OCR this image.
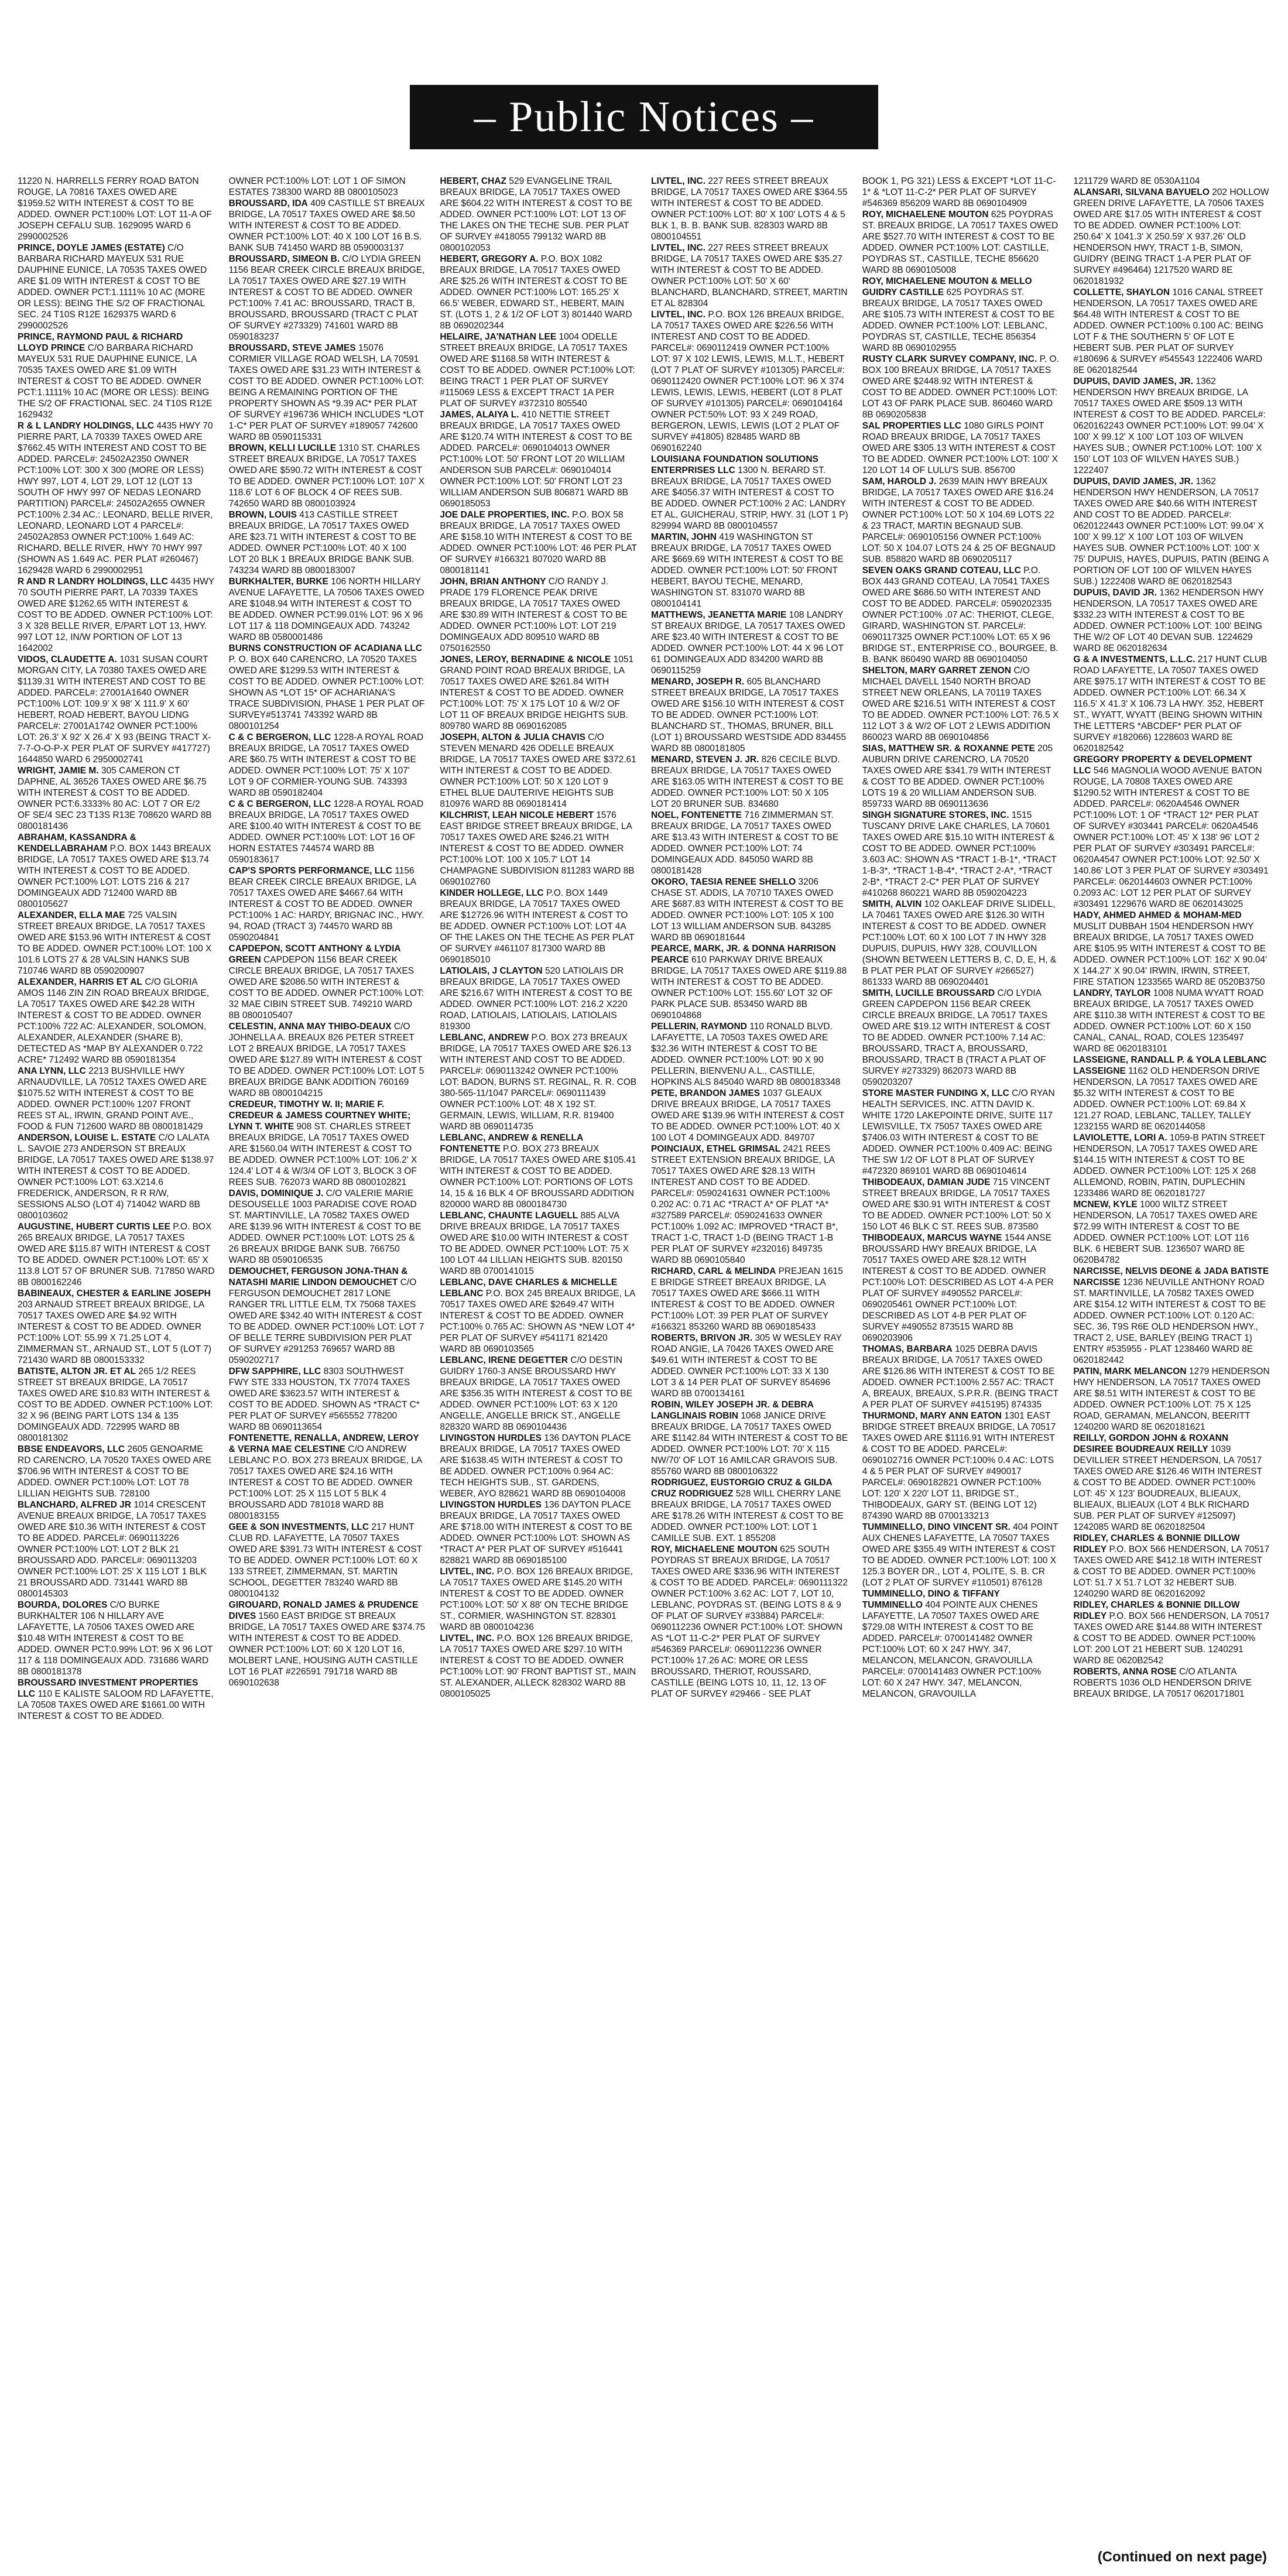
– Public Notices –

11220 N. HARRELLS FERRY ROAD BATON ROUGE, LA 70816 TAXES OWED ARE $1959.52 WITH INTEREST & COST TO BE ADDED. OWNER PCT:100% LOT: LOT 11-A OF JOSEPH CEFALU SUB. 1629095 WARD 6 2990002526

PRINCE, DOYLE JAMES (ESTATE) C/O BARBARA RICHARD MAYEUX 531 RUE DAUPHINE EUNICE, LA 70535 TAXES OWED ARE $1.09 WITH INTEREST & COST TO BE ADDED. OWNER PCT:1.1111% 10 AC (MORE OR LESS): BEING THE S/2 OF FRACTIONAL SEC. 24 T10S R12E 1629375 WARD 6 2990002526

PRINCE, RAYMOND PAUL & RICHARD LLOYD PRINCE C/O BARBARA RICHARD MAYEUX 531 RUE DAUPHINE EUNICE, LA 70535 TAXES OWED ARE $1.09 WITH INTEREST & COST TO BE ADDED. OWNER PCT:1.1111% 10 AC (MORE OR LESS): BEING THE S/2 OF FRACTIONAL SEC. 24 T10S R12E 1629432

R & L LANDRY HOLDINGS, LLC 4435 HWY 70 PIERRE PART, LA 70339 TAXES OWED ARE $7662.45 WITH INTEREST AND COST TO BE ADDED. PARCEL#: 24502A2350 OWNER PCT:100% LOT: 300 X 300 (MORE OR LESS) HWY 997, LOT 4, LOT 29, LOT 12 (LOT 13 SOUTH OF HWY 997 OF NEDAS LEONARD PARTITION) PARCEL#: 24502A2655 OWNER PCT:100% 2.34 AC.: LEONARD, BELLE RIVER, LEONARD, LEONARD LOT 4 PARCEL#: 24502A2853 OWNER PCT:100% 1.649 AC: RICHARD, BELLE RIVER, HWY 70 HWY 997 (SHOWN AS 1.649 AC. PER PLAT #260467) 1629428 WARD 6 2990002951

R AND R LANDRY HOLDINGS, LLC 4435 HWY 70 SOUTH PIERRE PART, LA 70339 TAXES OWED ARE $1262.65 WITH INTEREST & COST TO BE ADDED. OWNER PCT:100% LOT: 3 X 328 BELLE RIVER, E/PART LOT 13, HWY. 997 LOT 12, IN/W PORTION OF LOT 13 1642002

VIDOS, CLAUDETTE A. 1031 SUSAN COURT MORGAN CITY, LA 70380 TAXES OWED ARE $1139.31 WITH INTEREST AND COST TO BE ADDED. PARCEL#: 27001A1640 OWNER PCT:100% LOT: 109.9' X 98' X 111.9' X 60' HEBERT, ROAD HEBERT, BAYOU LIDNG PARCEL#: 27001A1742 OWNER PCT:100% LOT: 26.3' X 92' X 26.4' X 93 (BEING TRACT X-7-7-O-O-P-X PER PLAT OF SURVEY #417727) 1644850 WARD 6 2950002741

WRIGHT, JAMIE M. 305 CAMERON CT DAPHNE, AL 36526 TAXES OWED ARE $6.75 WITH INTEREST & COST TO BE ADDED. OWNER PCT:6.3333% 80 AC: LOT 7 OR E/2 OF SE/4 SEC 23 T13S R13E 708620 WARD 8B 0800181436

ABRAHAM, KASSANDRA & KENDELLABRAHAM P.O. BOX 1443 BREAUX BRIDGE, LA 70517 TAXES OWED ARE $13.74 WITH INTEREST & COST TO BE ADDED. OWNER PCT:100% LOT: LOTS 216 & 217 DOMINGEAUX ADD 712400 WARD 8B 0800105627

ALEXANDER, ELLA MAE 725 VALSIN STREET BREAUX BRIDGE, LA 70517 TAXES OWED ARE $153.96 WITH INTEREST & COST TO BE ADDED. OWNER PCT:100% LOT: 100 X 101.6 LOTS 27 & 28 VALSIN HANKS SUB 710746 WARD 8B 0590200907

ALEXANDER, HARRIS ET AL C/O GLORIA AMOS 1146 ZIN ZIN ROAD BREAUX BRIDGE, LA 70517 TAXES OWED ARE $42.28 WITH INTEREST & COST TO BE ADDED. OWNER PCT:100% 722 AC: ALEXANDER, SOLOMON, ALEXANDER, ALEXANDER (SHARE B), DETECTED AS *MAP BY ALEXANDER 0.722 ACRE* 712492 WARD 8B 0590181354

ANA LYNN, LLC 2213 BUSHVILLE HWY ARNAUDVILLE, LA 70512 TAXES OWED ARE $1075.52 WITH INTEREST & COST TO BE ADDED. OWNER PCT:100% 1207 FRONT REES ST AL, IRWIN, GRAND POINT AVE., FOOD & FUN 712600 WARD 8B 0800181429

ANDERSON, LOUISE L. ESTATE C/O LALATA L. SAVOIE 273 ANDERSON ST BREAUX BRIDGE, LA 70517 TAXES OWED ARE $138.97 WITH INTEREST & COST TO BE ADDED. OWNER PCT:100% LOT: 63.X214.6 FREDERICK, ANDERSON, R R R/W, SESSIONS ALSO (LOT 4) 714042 WARD 8B 0800103602

AUGUSTINE, HUBERT CURTIS LEE P.O. BOX 265 BREAUX BRIDGE, LA 70517 TAXES OWED ARE $115.87 WITH INTEREST & COST TO BE ADDED. OWNER PCT:100% LOT: 65' X 113.8 LOT 57 OF BRUNER SUB. 717850 WARD 8B 0800162246

BABINEAUX, CHESTER & EARLINE JOSEPH 203 ARNAUD STREET BREAUX BRIDGE, LA 70517 TAXES OWED ARE $4.92 WITH INTEREST & COST TO BE ADDED. OWNER PCT:100% LOT: 55.99 X 71.25 LOT 4, ZIMMERMAN ST., ARNAUD ST., LOT 5 (LOT 7) 721430 WARD 8B 0800153332

BATISTE, ALTON JR. ET AL 265 1/2 REES STREET ST BREAUX BRIDGE, LA 70517 TAXES OWED ARE $10.83 WITH INTEREST & COST TO BE ADDED. OWNER PCT:100% LOT: 32 X 96 (BEING PART LOTS 134 & 135 DOMINGEAUX ADD. 722995 WARD 8B 0800181302

BBSE ENDEAVORS, LLC 2605 GENOARME RD CARENCRO, LA 70520 TAXES OWED ARE $706.96 WITH INTEREST & COST TO BE ADDED. OWNER PCT:100% LOT: LOT 78 LILLIAN HEIGHTS SUB. 728100

BLANCHARD, ALFRED JR 1014 CRESCENT AVENUE BREAUX BRIDGE, LA 70517 TAXES OWED ARE $10.36 WITH INTEREST & COST TO BE ADDED. PARCEL#: 0690113226 OWNER PCT:100% LOT: LOT 2 BLK 21 BROUSSARD ADD. PARCEL#: 0690113203 OWNER PCT:100% LOT: 25' X 115 LOT 1 BLK 21 BROUSSARD ADD. 731441 WARD 8B 0800145303

BOURDA, DOLORES C/O BURKE BURKHALTER 106 N HILLARY AVE LAFAYETTE, LA 70506 TAXES OWED ARE $10.48 WITH INTEREST & COST TO BE ADDED. OWNER PCT:0.99% LOT: 96 X 96 LOT 117 & 118 DOMINGEAUX ADD. 731686 WARD 8B 0800181378

BROUSSARD INVESTMENT PROPERTIES LLC 110 E KALISTE SALOOM RD LAFAYETTE, LA 70508 TAXES OWED ARE $1661.00 WITH INTEREST & COST TO BE ADDED.

OWNER PCT:100% LOT: LOT 1 OF SIMON ESTATES 738300 WARD 8B 0800105023

BROUSSARD, IDA 409 CASTILLE ST BREAUX BRIDGE, LA 70517 TAXES OWED ARE $8.50 WITH INTEREST & COST TO BE ADDED. OWNER PCT:100% LOT: 40 X 100 LOT 16 B.S. BANK SUB 741450 WARD 8B 0590003137

BROUSSARD, SIMEON B. C/O LYDIA GREEN 1156 BEAR CREEK CIRCLE BREAUX BRIDGE, LA 70517 TAXES OWED ARE $27.19 WITH INTEREST & COST TO BE ADDED. OWNER PCT:100% 7.41 AC: BROUSSARD, TRACT B, BROUSSARD, BROUSSARD (TRACT C PLAT OF SURVEY #273329) 741601 WARD 8B 0590183237

BROUSSARD, STEVE JAMES 15076 CORMIER VILLAGE ROAD WELSH, LA 70591 TAXES OWED ARE $31.23 WITH INTEREST & COST TO BE ADDED. OWNER PCT:100% LOT: BEING A REMAINING PORTION OF THE PROPERTY SHOWN AS *9.39 AC* PER PLAT OF SURVEY #196736 WHICH INCLUDES *LOT 1-C* PER PLAT OF SURVEY #189057 742600 WARD 8B 0590115331

BROWN, KELLI LUCILLE 1310 ST. CHARLES STREET BREAUX BRIDGE, LA 70517 TAXES OWED ARE $590.72 WITH INTEREST & COST TO BE ADDED. OWNER PCT:100% LOT: 107' X 118.6' LOT 6 OF BLOCK 4 OF REES SUB. 742650 WARD 8B 0800103924

BROWN, LOUIS 413 CASTILLE STREET BREAUX BRIDGE, LA 70517 TAXES OWED ARE $23.71 WITH INTEREST & COST TO BE ADDED. OWNER PCT:100% LOT: 40 X 100 LOT 20 BLK 1 BREAUX BRIDGE BANK SUB. 743234 WARD 8B 0800183007

BURKHALTER, BURKE 106 NORTH HILLARY AVENUE LAFAYETTE, LA 70506 TAXES OWED ARE $1048.94 WITH INTEREST & COST TO BE ADDED. OWNER PCT:99.01% LOT: 96 X 96 LOT 117 & 118 DOMINGEAUX ADD. 743242 WARD 8B 0580001486

BURNS CONSTRUCTION OF ACADIANA LLC P. O. BOX 640 CARENCRO, LA 70520 TAXES OWED ARE $1299.53 WITH INTEREST & COST TO BE ADDED. OWNER PCT:100% LOT: SHOWN AS *LOT 15* OF ACHARIANA'S TRACE SUBDIVISION, PHASE 1 PER PLAT OF SURVEY#513741 743392 WARD 8B 0800101254

C & C BERGERON, LLC 1228-A ROYAL ROAD BREAUX BRIDGE, LA 70517 TAXES OWED ARE $60.75 WITH INTEREST & COST TO BE ADDED. OWNER PCT:100% LOT: 75' X 107' LOT 9 OF CORMIER-YOUNG SUB. 743393 WARD 8B 0590182404

C & C BERGERON, LLC 1228-A ROYAL ROAD BREAUX BRIDGE, LA 70517 TAXES OWED ARE $100.40 WITH INTEREST & COST TO BE ADDED. OWNER PCT:100% LOT: LOT 16 OF HORN ESTATES 744574 WARD 8B 0590183617

CAP'S SPORTS PERFORMANCE, LLC 1156 BEAR CREEK CIRCLE BREAUX BRIDGE, LA 70517 TAXES OWED ARE $4667.64 WITH INTEREST & COST TO BE ADDED. OWNER PCT:100% 1 AC: HARDY, BRIGNAC INC., HWY. 94, ROAD (TRACT 3) 744570 WARD 8B 0590204841

CAPDEPON, SCOTT ANTHONY & LYDIA GREEN CAPDEPON 1156 BEAR CREEK CIRCLE BREAUX BRIDGE, LA 70517 TAXES OWED ARE $2086.50 WITH INTEREST & COST TO BE ADDED. OWNER PCT:100% LOT: 32 MAE CIBIN STREET SUB. 749210 WARD 8B 0800105407

CELESTIN, ANNA MAY THIBO-DEAUX C/O JOHNELLA A. BREAUX 826 PETER STREET LOT 2 BREAUX BRIDGE, LA 70517 TAXES OWED ARE $127.89 WITH INTEREST & COST TO BE ADDED. OWNER PCT:100% LOT: LOT 5 BREAUX BRIDGE BANK ADDITION 760169 WARD 8B 0800104215

CREDEUR, TIMOTHY W. II; MARIE F. CREDEUR & JAMESS COURTNEY WHITE; LYNN T. WHITE 908 ST. CHARLES STREET BREAUX BRIDGE, LA 70517 TAXES OWED ARE $1560.04 WITH INTEREST & COST TO BE ADDED. OWNER PCT:100% LOT: 106.2' X 124.4' LOT 4 & W/3/4 OF LOT 3, BLOCK 3 OF REES SUB. 762073 WARD 8B 0800102821

DAVIS, DOMINIQUE J. C/O VALERIE MARIE DESOUSELLE 1003 PARADISE COVE ROAD ST. MARTINVILLE, LA 70582 TAXES OWED ARE $139.96 WITH INTEREST & COST TO BE ADDED. OWNER PCT:100% LOT: LOTS 25 & 26 BREAUX BRIDGE BANK SUB. 766750 WARD 8B 0590106535

DEMOUCHET, FERGUSON JONA-THAN & NATASHI MARIE LINDON DEMOUCHET C/O FERGUSON DEMOUCHET 2817 LONE RANGER TRL LITTLE ELM, TX 75068 TAXES OWED ARE $342.40 WITH INTEREST & COST TO BE ADDED. OWNER PCT:100% LOT: LOT 7 OF BELLE TERRE SUBDIVISION PER PLAT OF SURVEY #291253 769657 WARD 8B 0590202717

DFW SAPPHIRE, LLC 8303 SOUTHWEST FWY STE 333 HOUSTON, TX 77074 TAXES OWED ARE $3623.57 WITH INTEREST & COST TO BE ADDED. SHOWN AS *TRACT C* PER PLAT OF SURVEY #565552 778200 WARD 8B 0690113654

FONTENETTE, RENALLA, ANDREW, LEROY & VERNA MAE CELESTINE C/O ANDREW LEBLANC P.O. BOX 273 BREAUX BRIDGE, LA 70517 TAXES OWED ARE $24.16 WITH INTEREST & COST TO BE ADDED. OWNER PCT:100% LOT: 25 X 115 LOT 5 BLK 4 BROUSSARD ADD 781018 WARD 8B 0800183155

GEE & SON INVESTMENTS, LLC 217 HUNT CLUB RD. LAFAYETTE, LA 70507 TAXES OWED ARE $391.73 WITH INTEREST & COST TO BE ADDED. OWNER PCT:100% LOT: 60 X 133 STREET, ZIMMERMAN, ST. MARTIN SCHOOL, DEGETTER 783240 WARD 8B 0800104132

GIROUARD, RONALD JAMES & PRUDENCE DIVES 1560 EAST BRIDGE ST BREAUX BRIDGE, LA 70517 TAXES OWED ARE $374.75 WITH INTEREST & COST TO BE ADDED. OWNER PCT:100% LOT: 60 X 120 LOT 16, MOLBERT LANE, HOUSING AUTH CASTILLE LOT 16 PLAT #226591 791718 WARD 8B 0690102638

HEBERT, CHAZ 529 EVANGELINE TRAIL BREAUX BRIDGE, LA 70517 TAXES OWED ARE $604.22 WITH INTEREST & COST TO BE ADDED. OWNER PCT:100% LOT: LOT 13 OF THE LAKES ON THE TECHE SUB. PER PLAT OF SURVEY #418055 799132 WARD 8B 0800102053

HEBERT, GREGORY A. P.O. BOX 1082 BREAUX BRIDGE, LA 70517 TAXES OWED ARE $25.26 WITH INTEREST & COST TO BE ADDED. OWNER PCT:100% LOT: 165.25' X 66.5' WEBER, EDWARD ST., HEBERT, MAIN ST. (LOTS 1, 2 & 1/2 OF LOT 3) 801440 WARD 8B 0690202344

HELAIRE, JA'NATHAN LEE 1004 ODELLE STREET BREAUX BRIDGE, LA 70517 TAXES OWED ARE $1168.58 WITH INTEREST & COST TO BE ADDED. OWNER PCT:100% LOT: BEING TRACT 1 PER PLAT OF SURVEY #115069 LESS & EXCEPT TRACT 1A PER PLAT OF SURVEY #372310 805540

JAMES, ALAIYA L. 410 NETTIE STREET BREAUX BRIDGE, LA 70517 TAXES OWED ARE $120.74 WITH INTEREST & COST TO BE ADDED. PARCEL#: 0690104013 OWNER PCT:100% LOT: 50' FRONT LOT 20 WILLIAM ANDERSON SUB PARCEL#: 0690104014 OWNER PCT:100% LOT: 50' FRONT LOT 23 WILLIAM ANDERSON SUB 806871 WARD 8B 0690185053

JOE DALE PROPERTIES, INC. P.O. BOX 58 BREAUX BRIDGE, LA 70517 TAXES OWED ARE $158.10 WITH INTEREST & COST TO BE ADDED. OWNER PCT:100% LOT: 46 PER PLAT OF SURVEY #166321 807020 WARD 8B 0800181141

JOHN, BRIAN ANTHONY C/O RANDY J. PRADE 179 FLORENCE PEAK DRIVE BREAUX BRIDGE, LA 70517 TAXES OWED ARE $30.89 WITH INTEREST & COST TO BE ADDED. OWNER PCT:100% LOT: LOT 219 DOMINGEAUX ADD 809510 WARD 8B 0750162550

JONES, LEROY, BERNADINE & NICOLE 1051 GRAND POINT ROAD BREAUX BRIDGE, LA 70517 TAXES OWED ARE $261.84 WITH INTEREST & COST TO BE ADDED. OWNER PCT:100% LOT: 75' X 175 LOT 10 & W/2 OF LOT 11 OF BREAUX BRIDGE HEIGHTS SUB. 809780 WARD 8B 0690162085

JOSEPH, ALTON & JULIA CHAVIS C/O STEVEN MENARD 426 ODELLE BREAUX BRIDGE, LA 70517 TAXES OWED ARE $372.61 WITH INTEREST & COST TO BE ADDED. OWNER PCT:100% LOT: 50 X 120 LOT 9 ETHEL BLUE DAUTERIVE HEIGHTS SUB 810976 WARD 8B 0690181414

KILCHRIST, LEAH NICOLE HEBERT 1576 EAST BRIDGE STREET BREAUX BRIDGE, LA 70517 TAXES OWED ARE $246.21 WITH INTEREST & COST TO BE ADDED. OWNER PCT:100% LOT: 100 X 105.7' LOT 14 CHAMPAGNE SUBDIVISION 811283 WARD 8B 0690102760

KINDER HOLLEGE, LLC P.O. BOX 1449 BREAUX BRIDGE, LA 70517 TAXES OWED ARE $12726.96 WITH INTEREST & COST TO BE ADDED. OWNER PCT:100% LOT: LOT 4A OF THE LAKES ON THE TECHE AS PER PLAT OF SURVEY #461107 817300 WARD 8B 0690185010

LATIOLAIS, J CLAYTON 520 LATIOLAIS DR BREAUX BRIDGE, LA 70517 TAXES OWED ARE $216.67 WITH INTEREST & COST TO BE ADDED. OWNER PCT:100% LOT: 216.2 X220 ROAD, LATIOLAIS, LATIOLAIS, LATIOLAIS 819300

LEBLANC, ANDREW P.O. BOX 273 BREAUX BRIDGE, LA 70517 TAXES OWED ARE $26.13 WITH INTEREST AND COST TO BE ADDED. PARCEL#: 0690113242 OWNER PCT:100% LOT: BADON, BURNS ST. REGINAL, R. R. COB 380-565-11/1047 PARCEL#: 0690111439 OWNER PCT:100% LOT: 48 X 192 ST. GERMAIN, LEWIS, WILLIAM, R.R. 819400 WARD 8B 0690114735

LEBLANC, ANDREW & RENELLA FONTENETTE P.O. BOX 273 BREAUX BRIDGE, LA 70517 TAXES OWED ARE $105.41 WITH INTEREST & COST TO BE ADDED. OWNER PCT:100% LOT: PORTIONS OF LOTS 14, 15 & 16 BLK 4 OF BROUSSARD ADDITION 820000 WARD 8B 0800184730

LEBLANC, CHAUNTE LAGUELL 885 ALVA DRIVE BREAUX BRIDGE, LA 70517 TAXES OWED ARE $10.00 WITH INTEREST & COST TO BE ADDED. OWNER PCT:100% LOT: 75 X 100 LOT 44 LILLIAN HEIGHTS SUB. 820150 WARD 8B 0700141015

LEBLANC, DAVE CHARLES & MICHELLE LEBLANC P.O. BOX 245 BREAUX BRIDGE, LA 70517 TAXES OWED ARE $2649.47 WITH INTEREST & COST TO BE ADDED. OWNER PCT:100% 0.765 AC: SHOWN AS *NEW LOT 4* PER PLAT OF SURVEY #541171 821420 WARD 8B 0690103565

LEBLANC, IRENE DEGETTER C/O DESTIN GUIDRY 1760-3 ANSE BROUSSARD HWY BREAUX BRIDGE, LA 70517 TAXES OWED ARE $356.35 WITH INTEREST & COST TO BE ADDED. OWNER PCT:100% LOT: 63 X 120 ANGELLE, ANGELLE BRICK ST., ANGELLE 828320 WARD 8B 0690104436

LIVINGSTON HURDLES 136 DAYTON PLACE BREAUX BRIDGE, LA 70517 TAXES OWED ARE $1638.45 WITH INTEREST & COST TO BE ADDED. OWNER PCT:100% 0.964 AC: TECH HEIGHTS SUB., ST. GARDENS, WEBER, AYO 828621 WARD 8B 0690104008

LIVINGSTON HURDLES 136 DAYTON PLACE BREAUX BRIDGE, LA 70517 TAXES OWED ARE $718.00 WITH INTEREST & COST TO BE ADDED. OWNER PCT:100% LOT: SHOWN AS *TRACT A* PER PLAT OF SURVEY #516441 828821 WARD 8B 0690185100

LIVTEL, INC. P.O. BOX 126 BREAUX BRIDGE, LA 70517 TAXES OWED ARE $145.20 WITH INTEREST & COST TO BE ADDED. OWNER PCT:100% LOT: 50' X 88' ON TECHE BRIDGE ST., CORMIER, WASHINGTON ST. 828301 WARD 8B 0800104236

LIVTEL, INC. P.O. BOX 126 BREAUX BRIDGE, LA 70517 TAXES OWED ARE $297.10 WITH INTEREST & COST TO BE ADDED. OWNER PCT:100% LOT: 90' FRONT BAPTIST ST., MAIN ST. ALEXANDER, ALLECK 828302 WARD 8B 0800105025

LIVTEL, INC. 227 REES STREET BREAUX BRIDGE, LA 70517 TAXES OWED ARE $364.55 WITH INTEREST & COST TO BE ADDED. OWNER PCT:100% LOT: 80' X 100' LOTS 4 & 5 BLK 1, B. B. BANK SUB. 828303 WARD 8B 0800104551

LIVTEL, INC. 227 REES STREET BREAUX BRIDGE, LA 70517 TAXES OWED ARE $35.27 WITH INTEREST & COST TO BE ADDED. OWNER PCT:100% LOT: 50' X 60' BLANCHARD, BLANCHARD, STREET, MARTIN ET AL 828304

LIVTEL, INC. P.O. BOX 126 BREAUX BRIDGE, LA 70517 TAXES OWED ARE $226.56 WITH INTEREST AND COST TO BE ADDED. PARCEL#: 0690112419 OWNER PCT:100% LOT: 97 X 102 LEWIS, LEWIS, M.L.T., HEBERT (LOT 7 PLAT OF SURVEY #101305) PARCEL#: 0690112420 OWNER PCT:100% LOT: 96 X 374 LEWIS, LEWIS, LEWIS, HEBERT (LOT 8 PLAT OF SURVEY #101305) PARCEL#: 0690104164 OWNER PCT:50% LOT: 93 X 249 ROAD, BERGERON, LEWIS, LEWIS (LOT 2 PLAT OF SURVEY #41805) 828485 WARD 8B 0690162240

LOUISIANA FOUNDATION SOLUTIONS ENTERPRISES LLC 1300 N. BERARD ST. BREAUX BRIDGE, LA 70517 TAXES OWED ARE $4056.37 WITH INTEREST & COST TO BE ADDED. OWNER PCT:100% 2 AC: LANDRY ET AL, GUICHERAU, STRIP, HWY. 31 (LOT 1 P) 829994 WARD 8B 0800104557

MARTIN, JOHN 419 WASHINGTON ST BREAUX BRIDGE, LA 70517 TAXES OWED ARE $669.69 WITH INTEREST & COST TO BE ADDED. OWNER PCT:100% LOT: 50' FRONT HEBERT, BAYOU TECHE, MENARD, WASHINGTON ST. 831070 WARD 8B 0800104141

MATTHEWS, JEANETTA MARIE 108 LANDRY ST BREAUX BRIDGE, LA 70517 TAXES OWED ARE $23.40 WITH INTEREST & COST TO BE ADDED. OWNER PCT:100% LOT: 44 X 96 LOT 61 DOMINGEAUX ADD 834200 WARD 8B 0690115259

MENARD, JOSEPH R. 605 BLANCHARD STREET BREAUX BRIDGE, LA 70517 TAXES OWED ARE $156.10 WITH INTEREST & COST TO BE ADDED. OWNER PCT:100% LOT: BLANCHARD ST., THOMAS, BRUNER, BILL (LOT 1) BROUSSARD WESTSIDE ADD 834455 WARD 8B 0800181805

MENARD, STEVEN J. JR. 826 CECILE BLVD. BREAUX BRIDGE, LA 70517 TAXES OWED ARE $163.05 WITH INTEREST & COST TO BE ADDED. OWNER PCT:100% LOT: 50 X 105 LOT 20 BRUNER SUB. 834680

NOEL, FONTENETTE 716 ZIMMERMAN ST. BREAUX BRIDGE, LA 70517 TAXES OWED ARE $13.43 WITH INTEREST & COST TO BE ADDED. OWNER PCT:100% LOT: 74 DOMINGEAUX ADD. 845050 WARD 8B 0800181428

OKORO, TAESIA RENEE SHELLO 3206 CHASE ST. ADDIS, LA 70710 TAXES OWED ARE $687.83 WITH INTEREST & COST TO BE ADDED. OWNER PCT:100% LOT: 105 X 100 LOT 13 WILLIAM ANDERSON SUB. 843285 WARD 8B 0690181644

PEARCE, MARK, JR. & DONNA HARRISON PEARCE 610 PARKWAY DRIVE BREAUX BRIDGE, LA 70517 TAXES OWED ARE $119.88 WITH INTEREST & COST TO BE ADDED. OWNER PCT:100% LOT: 155.60' LOT 32 OF PARK PLACE SUB. 853450 WARD 8B 0690104868

PELLERIN, RAYMOND 110 RONALD BLVD. LAFAYETTE, LA 70503 TAXES OWED ARE $32.36 WITH INTEREST & COST TO BE ADDED. OWNER PCT:100% LOT: 90 X 90 PELLERIN, BIENVENU A.L., CASTILLE, HOPKINS ALS 845040 WARD 8B 0800183348

PETE, BRANDON JAMES 1037 GLEAUX DRIVE BREAUX BRIDGE, LA 70517 TAXES OWED ARE $139.96 WITH INTEREST & COST TO BE ADDED. OWNER PCT:100% LOT: 40 X 100 LOT 4 DOMINGEAUX ADD. 849707

POINCIAUX, ETHEL GRIMSAL 2421 REES STREET EXTENSION BREAUX BRIDGE, LA 70517 TAXES OWED ARE $28.13 WITH INTEREST AND COST TO BE ADDED. PARCEL#: 0590241631 OWNER PCT:100% 0.202 AC: 0.71 AC *TRACT A* OF PLAT *A* #327589 PARCEL#: 0590241633 OWNER PCT:100% 1.092 AC: IMPROVED *TRACT B*, TRACT 1-C, TRACT 1-D (BEING TRACT 1-B PER PLAT OF SURVEY #232016) 849735 WARD 8B 0690105840

RICHARD, CARL & MELINDA PREJEAN 1615 E BRIDGE STREET BREAUX BRIDGE, LA 70517 TAXES OWED ARE $666.11 WITH INTEREST & COST TO BE ADDED. OWNER PCT:100% LOT: 39 PER PLAT OF SURVEY #166321 853260 WARD 8B 0690185433

ROBERTS, BRIVON JR. 305 W WESLEY RAY ROAD ANGIE, LA 70426 TAXES OWED ARE $49.61 WITH INTEREST & COST TO BE ADDED. OWNER PCT:100% LOT: 33 X 130 LOT 3 & 14 PER PLAT OF SURVEY 854696 WARD 8B 0700134161

ROBIN, WILEY JOSEPH JR. & DEBRA LANGLINAIS ROBIN 1068 JANICE DRIVE BREAUX BRIDGE, LA 70517 TAXES OWED ARE $1142.84 WITH INTEREST & COST TO BE ADDED. OWNER PCT:100% LOT: 70' X 115 NW/70' OF LOT 16 AMILCAR GRAVOIS SUB. 855760 WARD 8B 0800106322

RODRIGUEZ, EUSTORGIO CRUZ & GILDA CRUZ RODRIGUEZ 528 WILL CHERRY LANE BREAUX BRIDGE, LA 70517 TAXES OWED ARE $178.26 WITH INTEREST & COST TO BE ADDED. OWNER PCT:100% LOT: LOT 1 CAMILLE SUB. EXT. 1 855208

ROY, MICHAELENE MOUTON 625 SOUTH POYDRAS ST BREAUX BRIDGE, LA 70517 TAXES OWED ARE $336.96 WITH INTEREST & COST TO BE ADDED. PARCEL#: 0690111322 OWNER PCT:100% 3.62 AC: LOT 7, LOT 10, LEBLANC, POYDRAS ST. (BEING LOTS 8 & 9 OF PLAT OF SURVEY #33884) PARCEL#: 0690112236 OWNER PCT:100% LOT: SHOWN AS *LOT 11-C-2* PER PLAT OF SURVEY #546369 PARCEL#: 0690112236 OWNER PCT:100% 17.26 AC: MORE OR LESS BROUSSARD, THERIOT, ROUSSARD, CASTILLE (BEING LOTS 10, 11, 12, 13 OF PLAT OF SURVEY #29466 - SEE PLAT

BOOK 1, PG 321) LESS & EXCEPT *LOT 11-C-1* & *LOT 11-C-2* PER PLAT OF SURVEY #546369 856209 WARD 8B 0690104909

ROY, MICHAELENE MOUTON 625 POYDRAS ST. BREAUX BRIDGE, LA 70517 TAXES OWED ARE $527.70 WITH INTEREST & COST TO BE ADDED. OWNER PCT:100% LOT: CASTILLE, POYDRAS ST., CASTILLE, TECHE 856620 WARD 8B 0690105008

ROY, MICHAELENE MOUTON & MELLO GUIDRY CASTILLE 625 POYDRAS ST. BREAUX BRIDGE, LA 70517 TAXES OWED ARE $105.73 WITH INTEREST & COST TO BE ADDED. OWNER PCT:100% LOT: LEBLANC, POYDRAS ST, CASTILLE, TECHE 856354 WARD 8B 0690102955

RUSTY CLARK SURVEY COMPANY, INC. P. O. BOX 100 BREAUX BRIDGE, LA 70517 TAXES OWED ARE $2448.92 WITH INTEREST & COST TO BE ADDED. OWNER PCT:100% LOT: LOT 43 OF PARK PLACE SUB. 860460 WARD 8B 0690205838

SAL PROPERTIES LLC 1080 GIRLS POINT ROAD BREAUX BRIDGE, LA 70517 TAXES OWED ARE $305.13 WITH INTEREST & COST TO BE ADDED. OWNER PCT:100% LOT: 100' X 120 LOT 14 OF LULU'S SUB. 856700

SAM, HAROLD J. 2639 MAIN HWY BREAUX BRIDGE, LA 70517 TAXES OWED ARE $16.24 WITH INTEREST & COST TO BE ADDED. OWNER PCT:100% LOT: 50 X 104.69 LOTS 22 & 23 TRACT, MARTIN BEGNAUD SUB. PARCEL#: 0690105156 OWNER PCT:100% LOT: 50 X 104.07 LOTS 24 & 25 OF BEGNAUD SUB. 858820 WARD 8B 0690205117

SEVEN OAKS GRAND COTEAU, LLC P.O. BOX 443 GRAND COTEAU, LA 70541 TAXES OWED ARE $686.50 WITH INTEREST AND COST TO BE ADDED. PARCEL#: 0590202335 OWNER PCT:100% .07 AC: THERIOT, CLEGE, GIRARD, WASHINGTON ST. PARCEL#: 0690117325 OWNER PCT:100% LOT: 65 X 96 BRIDGE ST., ENTERPRISE CO., BOURGEE, B. B. BANK 860490 WARD 8B 0690104050

SHELTON, MARY GARRET ZENON C/O MICHAEL DAVELL 1540 NORTH BROAD STREET NEW ORLEANS, LA 70119 TAXES OWED ARE $216.51 WITH INTEREST & COST TO BE ADDED. OWNER PCT:100% LOT: 76.5 X 112 LOT 3 & W/2 OF LOT 2 LEWIS ADDITION 860023 WARD 8B 0690104856

SIAS, MATTHEW SR. & ROXANNE PETE 205 AUBURN DRIVE CARENCRO, LA 70520 TAXES OWED ARE $341.79 WITH INTEREST & COST TO BE ADDED. OWNER PCT:100% LOTS 19 & 20 WILLIAM ANDERSON SUB. 859733 WARD 8B 0690113636

SINGH SIGNATURE STORES, INC. 1515 TUSCANY DRIVE LAKE CHARLES, LA 70601 TAXES OWED ARE $15.10 WITH INTEREST & COST TO BE ADDED. OWNER PCT:100% 3.603 AC: SHOWN AS *TRACT 1-B-1*, *TRACT 1-B-3*, *TRACT 1-B-4*, *TRACT 2-A*, *TRACT 2-B*, *TRACT 2-C* PER PLAT OF SURVEY #410268 860221 WARD 8B 0590204223

SMITH, ALVIN 102 OAKLEAF DRIVE SLIDELL, LA 70461 TAXES OWED ARE $126.30 WITH INTEREST & COST TO BE ADDED. OWNER PCT:100% LOT: 60 X 100 LOT 7 IN HWY 328 DUPUIS, DUPUIS, HWY 328, COUVILLON (SHOWN BETWEEN LETTERS B, C, D, E, H, & B PLAT PER PLAT OF SURVEY #266527) 861333 WARD 8B 0690204401

SMITH, LUCILLE BROUSSARD C/O LYDIA GREEN CAPDEPON 1156 BEAR CREEK CIRCLE BREAUX BRIDGE, LA 70517 TAXES OWED ARE $19.12 WITH INTEREST & COST TO BE ADDED. OWNER PCT:100% 7.14 AC: BROUSSARD, TRACT A, BROUSSARD, BROUSSARD, TRACT B (TRACT A PLAT OF SURVEY #273329) 862073 WARD 8B 0590203207

STORE MASTER FUNDING X, LLC C/O RYAN HEALTH SERVICES, INC. ATTN DAVID K. WHITE 1720 LAKEPOINTE DRIVE, SUITE 117 LEWISVILLE, TX 75057 TAXES OWED ARE $7406.03 WITH INTEREST & COST TO BE ADDED. OWNER PCT:100% 0.409 AC: BEING THE SW 1/2 OF LOT 8 PLAT OF SURVEY #472320 869101 WARD 8B 0690104614

THIBODEAUX, DAMIAN JUDE 715 VINCENT STREET BREAUX BRIDGE, LA 70517 TAXES OWED ARE $30.91 WITH INTEREST & COST TO BE ADDED. OWNER PCT:100% LOT: 50 X 150 LOT 46 BLK C ST. REES SUB. 873580

THIBODEAUX, MARCUS WAYNE 1544 ANSE BROUSSARD HWY BREAUX BRIDGE, LA 70517 TAXES OWED ARE $28.12 WITH INTEREST & COST TO BE ADDED. OWNER PCT:100% LOT: DESCRIBED AS LOT 4-A PER PLAT OF SURVEY #490552 PARCEL#: 0690205461 OWNER PCT:100% LOT: DESCRIBED AS LOT 4-B PER PLAT OF SURVEY #490552 873515 WARD 8B 0690203906

THOMAS, BARBARA 1025 DEBRA DAVIS BREAUX BRIDGE, LA 70517 TAXES OWED ARE $126.86 WITH INTEREST & COST TO BE ADDED. OWNER PCT:100% 2.557 AC: TRACT A, BREAUX, BREAUX, S.P.R.R. (BEING TRACT A PER PLAT OF SURVEY #415195) 874335

THURMOND, MARY ANN EATON 1301 EAST BRIDGE STREET BREAUX BRIDGE, LA 70517 TAXES OWED ARE $1116.91 WITH INTEREST & COST TO BE ADDED. PARCEL#: 0690102716 OWNER PCT:100% 0.4 AC: LOTS 4 & 5 PER PLAT OF SURVEY #490017 PARCEL#: 0690182821 OWNER PCT:100% LOT: 120' X 220' LOT 11, BRIDGE ST., THIBODEAUX, GARY ST. (BEING LOT 12) 874390 WARD 8B 0700133213

TUMMINELLO, DINO VINCENT SR. 404 POINT AUX CHENES LAFAYETTE, LA 70507 TAXES OWED ARE $355.49 WITH INTEREST & COST TO BE ADDED. OWNER PCT:100% LOT: 100 X 125.3 BOYER DR., LOT 4, POLITE, S. B. CR (LOT 2 PLAT OF SURVEY #110501) 876128

TUMMINELLO, DINO & TIFFANY TUMMINELLO 404 POINTE AUX CHENES LAFAYETTE, LA 70507 TAXES OWED ARE $729.08 WITH INTEREST & COST TO BE ADDED. PARCEL#: 0700141482 OWNER PCT:100% LOT: 60 X 247 HWY. 347, MELANCON, MELANCON, GRAVOUILLA PARCEL#: 0700141483 OWNER PCT:100% LOT: 60 X 247 HWY. 347, MELANCON, MELANCON, GRAVOUILLA

1211729 WARD 8E 0530A1104

ALANSARI, SILVANA BAYUELO 202 HOLLOW GREEN DRIVE LAFAYETTE, LA 70506 TAXES OWED ARE $17.05 WITH INTEREST & COST TO BE ADDED. OWNER PCT:100% LOT: 250.64' X 1041.3' X 250.59' X 937.26' OLD HENDERSON HWY, TRACT 1-B, SIMON, GUIDRY (BEING TRACT 1-A PER PLAT OF SURVEY #496464) 1217520 WARD 8E 0620181932

COLLETTE, SHAYLON 1016 CANAL STREET HENDERSON, LA 70517 TAXES OWED ARE $64.48 WITH INTEREST & COST TO BE ADDED. OWNER PCT:100% 0.100 AC: BEING LOT F & THE SOUTHERN 5' OF LOT E HEBERT SUB. PER PLAT OF SURVEY #180696 & SURVEY #545543 1222406 WARD 8E 0620182544

DUPUIS, DAVID JAMES, JR. 1362 HENDERSON HWY BREAUX BRIDGE, LA 70517 TAXES OWED ARE $509.13 WITH INTEREST & COST TO BE ADDED. PARCEL#: 0620162243 OWNER PCT:100% LOT: 99.04' X 100' X 99.12' X 100' LOT 103 OF WILVEN HAYES SUB.; OWNER PCT:100% LOT: 100' X 150' LOT 103 OF WILVEN HAYES SUB.) 1222407

DUPUIS, DAVID JAMES, JR. 1362 HENDERSON HWY HENDERSON, LA 70517 TAXES OWED ARE $40.66 WITH INTEREST AND COST TO BE ADDED. PARCEL#: 0620122443 OWNER PCT:100% LOT: 99.04' X 100' X 99.12' X 100' LOT 103 OF WILVEN HAYES SUB. OWNER PCT:100% LOT: 100' X 75' DUPUIS, HAYES, DUPUIS, PATIN (BEING A PORTION OF LOT 100 OF WILVEN HAYES SUB.) 1222408 WARD 8E 0620182543

DUPUIS, DAVID JR. 1362 HENDERSON HWY HENDERSON, LA 70517 TAXES OWED ARE $332.23 WITH INTEREST & COST TO BE ADDED. OWNER PCT:100% LOT: 100' BEING THE W/2 OF LOT 40 DEVAN SUB. 1224629 WARD 8E 0620182634

G & A INVESTMENTS, L.L.C. 217 HUNT CLUB ROAD LAFAYETTE, LA 70507 TAXES OWED ARE $975.17 WITH INTEREST & COST TO BE ADDED. OWNER PCT:100% LOT: 66.34 X 116.5' X 41.3' X 106.73 LA HWY. 352, HEBERT ST., WYATT, WYATT (BEING SHOWN WITHIN THE LETTERS *ABCDEF* PER PLAT OF SURVEY #182066) 1228603 WARD 8E 0620182542

GREGORY PROPERTY & DEVELOPMENT LLC 546 MAGNOLIA WOOD AVENUE BATON ROUGE, LA 70808 TAXES OWED ARE $1290.52 WITH INTEREST & COST TO BE ADDED. PARCEL#: 0620A4546 OWNER PCT:100% LOT: 1 OF *TRACT 12* PER PLAT OF SURVEY #303441 PARCEL#: 0620A4546 OWNER PCT:100% LOT: 45' X 138' 96' LOT 2 PER PLAT OF SURVEY #303491 PARCEL#: 0620A4547 OWNER PCT:100% LOT: 92.50' X 140.86' LOT 3 PER PLAT OF SURVEY #303491 PARCEL#: 0620144603 OWNER PCT:100% 0.2093 AC: LOT 12 PER PLAT OF SURVEY #303491 1229676 WARD 8E 0620143025

HADY, AHMED AHMED & MOHAM-MED MUSLIT DUBBAH 1504 HENDERSON HWY BREAUX BRIDGE, LA 70517 TAXES OWED ARE $105.95 WITH INTEREST & COST TO BE ADDED. OWNER PCT:100% LOT: 162' X 90.04' X 144.27' X 90.04' IRWIN, IRWIN, STREET, FIRE STATION 1233565 WARD 8E 0520B3750

LANDRY, TAYLOR 1008 NUMA WYATT ROAD BREAUX BRIDGE, LA 70517 TAXES OWED ARE $110.38 WITH INTEREST & COST TO BE ADDED. OWNER PCT:100% LOT: 60 X 150 CANAL, CANAL, ROAD, COLES 1235497 WARD 8E 0620183101

LASSEIGNE, RANDALL P. & YOLA LEBLANC LASSEIGNE 1162 OLD HENDERSON DRIVE HENDERSON, LA 70517 TAXES OWED ARE $5.32 WITH INTEREST & COST TO BE ADDED. OWNER PCT:100% LOT: 69.84 X 121.27 ROAD, LEBLANC, TALLEY, TALLEY 1232155 WARD 8E 0620144058

LAVIOLETTE, LORI A. 1059-B PATIN STREET HENDERSON, LA 70517 TAXES OWED ARE $144.15 WITH INTEREST & COST TO BE ADDED. OWNER PCT:100% LOT: 125 X 268 ALLEMOND, ROBIN, PATIN, DUPLECHIN 1233486 WARD 8E 0620181727

MCNEW, KYLE 1000 WILTZ STREET HENDERSON, LA 70517 TAXES OWED ARE $72.99 WITH INTEREST & COST TO BE ADDED. OWNER PCT:100% LOT: LOT 116 BLK. 6 HEBERT SUB. 1236507 WARD 8E 0620B4782

NARCISSE, NELVIS DEONE & JADA BATISTE NARCISSE 1236 NEUVILLE ANTHONY ROAD ST. MARTINVILLE, LA 70582 TAXES OWED ARE $154.12 WITH INTEREST & COST TO BE ADDED. OWNER PCT:100% LOT: 0.120 AC: SEC. 36, T9S R6E OLD HENDERSON HWY., TRACT 2, USE, BARLEY (BEING TRACT 1) ENTRY #535955 - PLAT 1238460 WARD 8E 0620182442

PATIN, MARK MELANCON 1279 HENDERSON HWY HENDERSON, LA 70517 TAXES OWED ARE $8.51 WITH INTEREST & COST TO BE ADDED. OWNER PCT:100% LOT: 75 X 125 ROAD, GERAMAN, MELANCON, BEERITT 1240200 WARD 8E 0620181621

REILLY, GORDON JOHN & ROXANN DESIREE BOUDREAUX REILLY 1039 DEVILLIER STREET HENDERSON, LA 70517 TAXES OWED ARE $126.46 WITH INTEREST & COST TO BE ADDED. OWNER PCT:100% LOT: 45' X 123' BOUDREAUX, BLIEAUX, BLIEAUX, BLIEAUX (LOT 4 BLK RICHARD SUB. PER PLAT OF SURVEY #125097) 1242085 WARD 8E 0620182504

RIDLEY, CHARLES & BONNIE DILLOW RIDLEY P.O. BOX 566 HENDERSON, LA 70517 TAXES OWED ARE $412.18 WITH INTEREST & COST TO BE ADDED. OWNER PCT:100% LOT: 51.7 X 51.7 LOT 32 HEBERT SUB. 1240290 WARD 8E 0620162092

RIDLEY, CHARLES & BONNIE DILLOW RIDLEY P.O. BOX 566 HENDERSON, LA 70517 TAXES OWED ARE $144.88 WITH INTEREST & COST TO BE ADDED. OWNER PCT:100% LOT: 200 LOT 21 HEBERT SUB. 1240291 WARD 8E 0620B2542

ROBERTS, ANNA ROSE C/O ATLANTA ROBERTS 1036 OLD HENDERSON DRIVE BREAUX BRIDGE, LA 70517 0620171801

(Continued on next page)
